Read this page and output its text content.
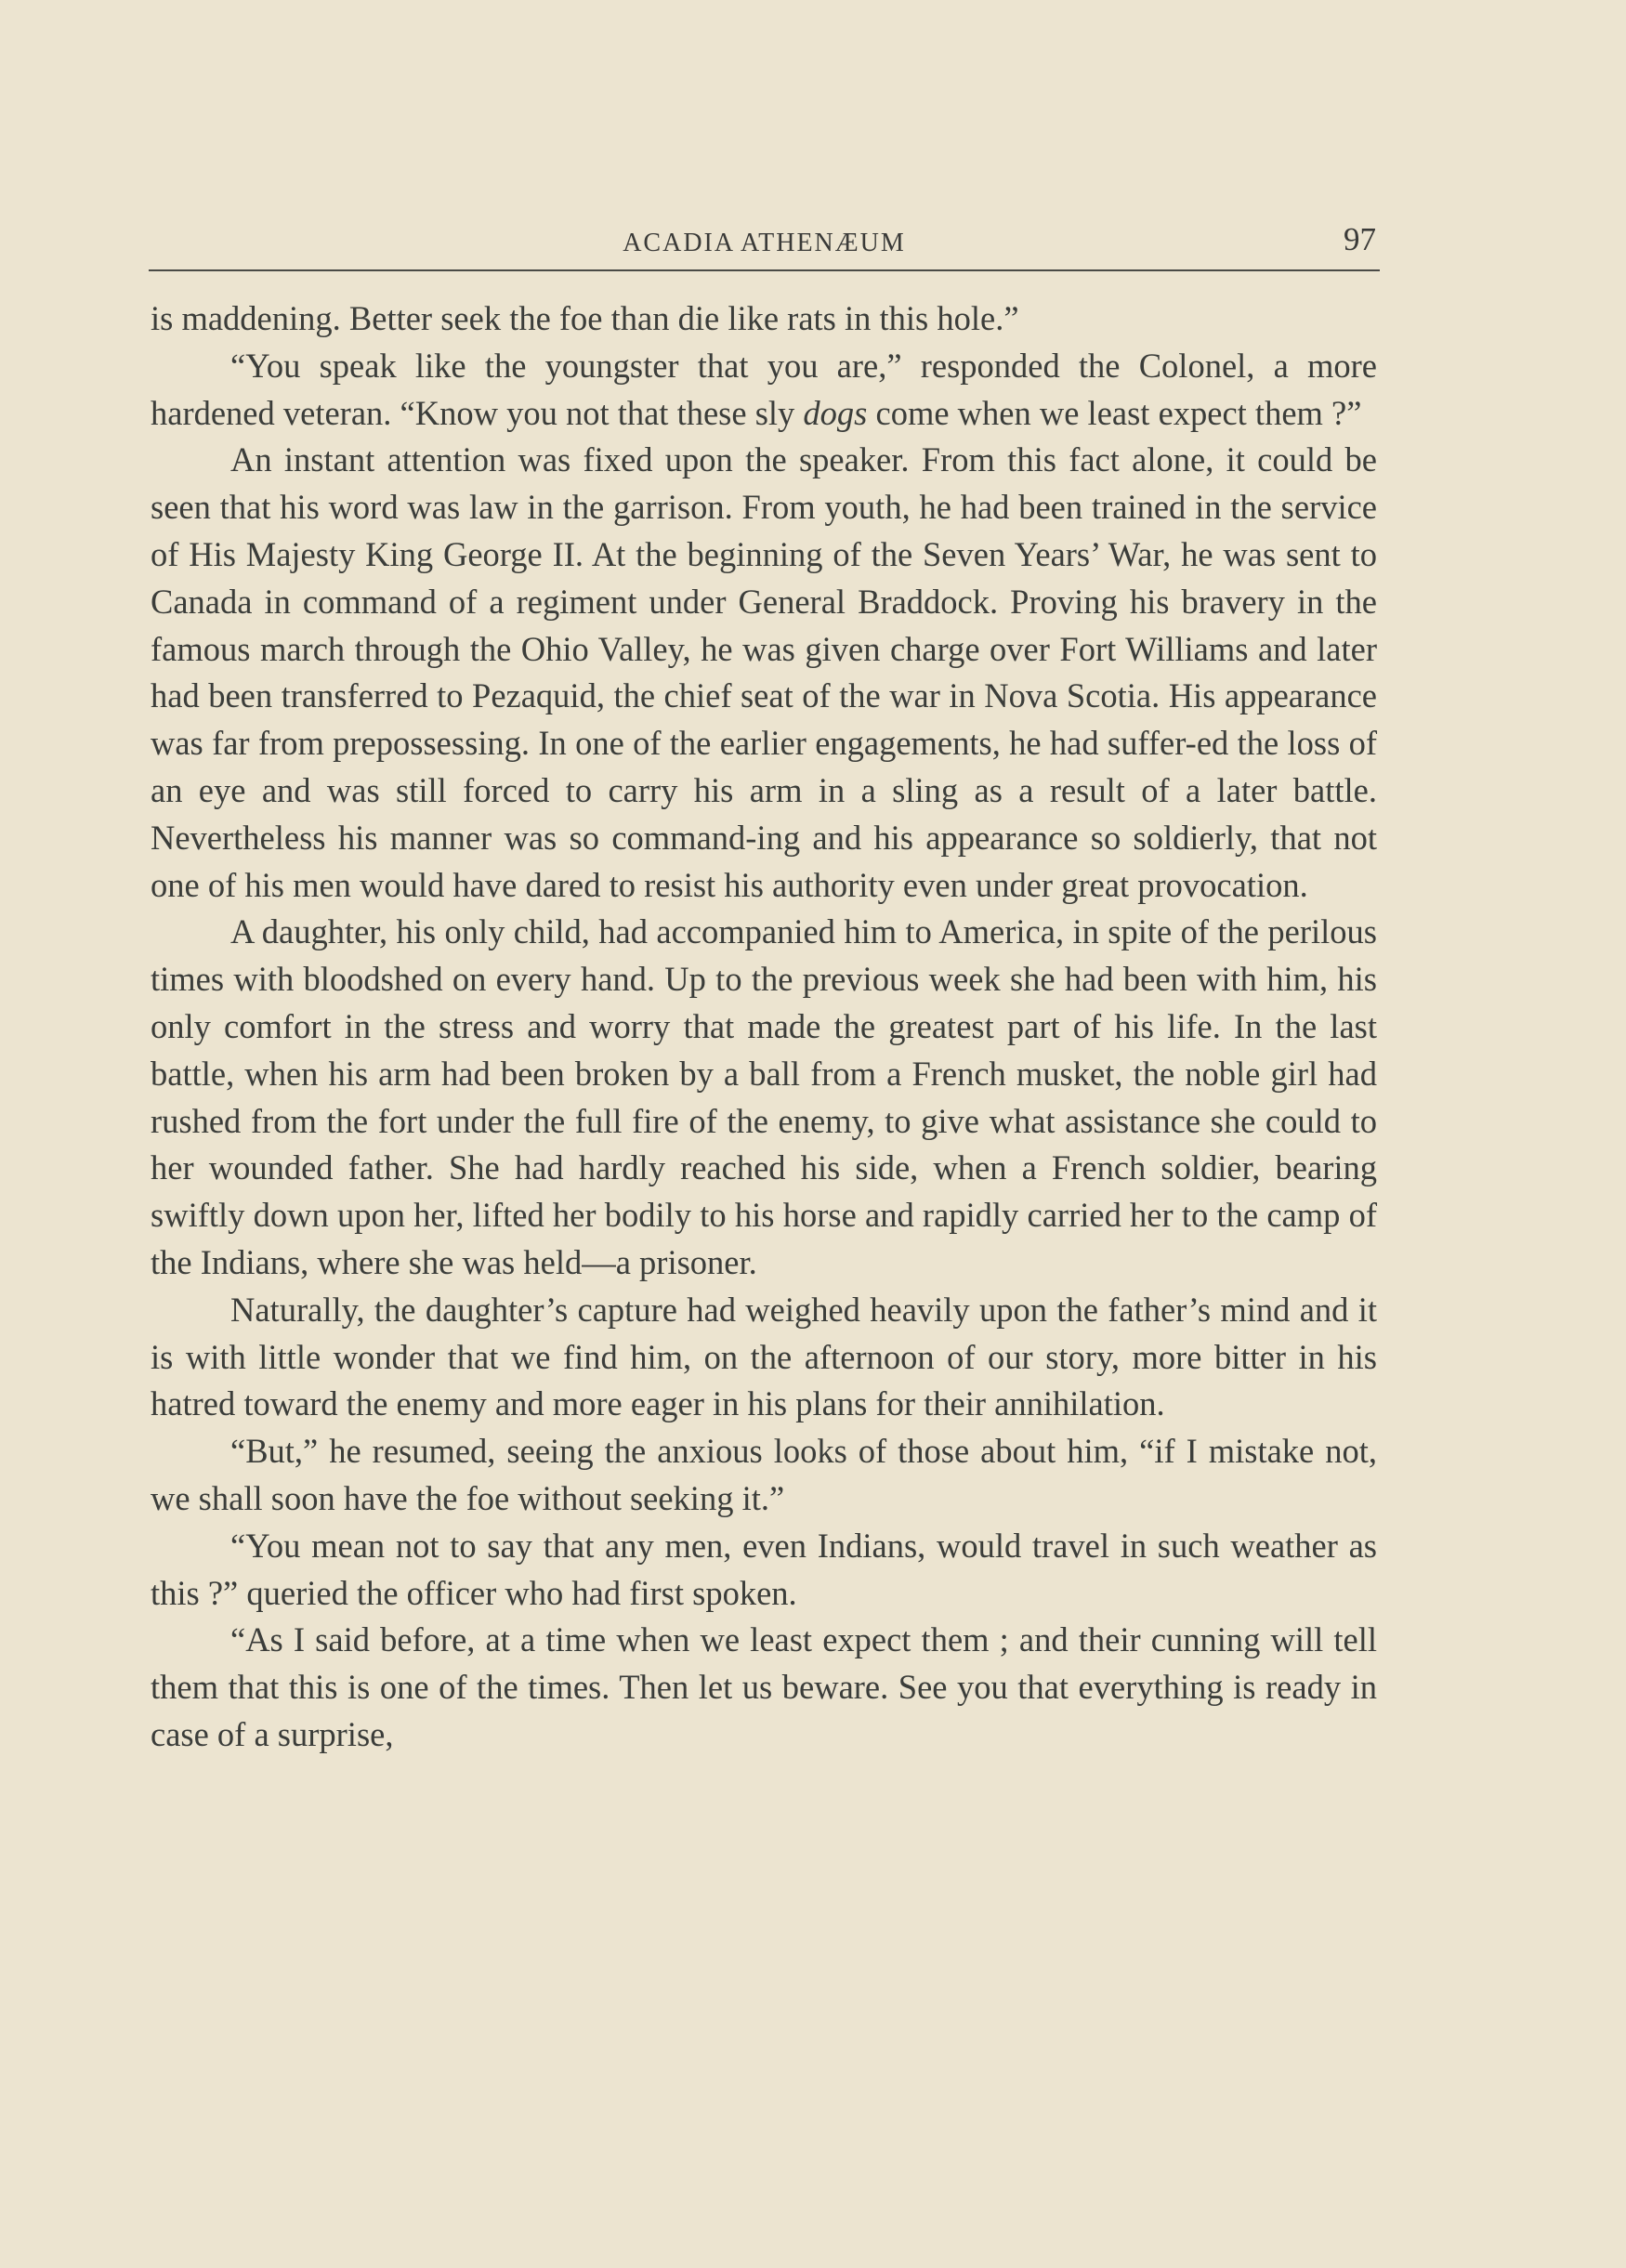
ACADIA ATHENÆUM	97

is maddening. Better seek the foe than die like rats in this hole.”

“You speak like the youngster that you are,” responded the Colonel, a more hardened veteran. “Know you not that these sly dogs come when we least expect them ?”

An instant attention was fixed upon the speaker. From this fact alone, it could be seen that his word was law in the garrison. From youth, he had been trained in the service of His Majesty King George II. At the beginning of the Seven Years’ War, he was sent to Canada in command of a regiment under General Braddock. Proving his bravery in the famous march through the Ohio Valley, he was given charge over Fort Williams and later had been transferred to Pezaquid, the chief seat of the war in Nova Scotia. His appearance was far from prepossessing. In one of the earlier engagements, he had suffer-ed the loss of an eye and was still forced to carry his arm in a sling as a result of a later battle. Nevertheless his manner was so command-ing and his appearance so soldierly, that not one of his men would have dared to resist his authority even under great provocation.

A daughter, his only child, had accompanied him to America, in spite of the perilous times with bloodshed on every hand. Up to the previous week she had been with him, his only comfort in the stress and worry that made the greatest part of his life. In the last battle, when his arm had been broken by a ball from a French musket, the noble girl had rushed from the fort under the full fire of the enemy, to give what assistance she could to her wounded father. She had hardly reached his side, when a French soldier, bearing swiftly down upon her, lifted her bodily to his horse and rapidly carried her to the camp of the Indians, where she was held—a prisoner.

Naturally, the daughter’s capture had weighed heavily upon the father’s mind and it is with little wonder that we find him, on the afternoon of our story, more bitter in his hatred toward the enemy and more eager in his plans for their annihilation.

“But,” he resumed, seeing the anxious looks of those about him, “if I mistake not, we shall soon have the foe without seeking it.”

“You mean not to say that any men, even Indians, would travel in such weather as this ?” queried the officer who had first spoken.

“As I said before, at a time when we least expect them ; and their cunning will tell them that this is one of the times. Then let us beware. See you that everything is ready in case of a surprise,
